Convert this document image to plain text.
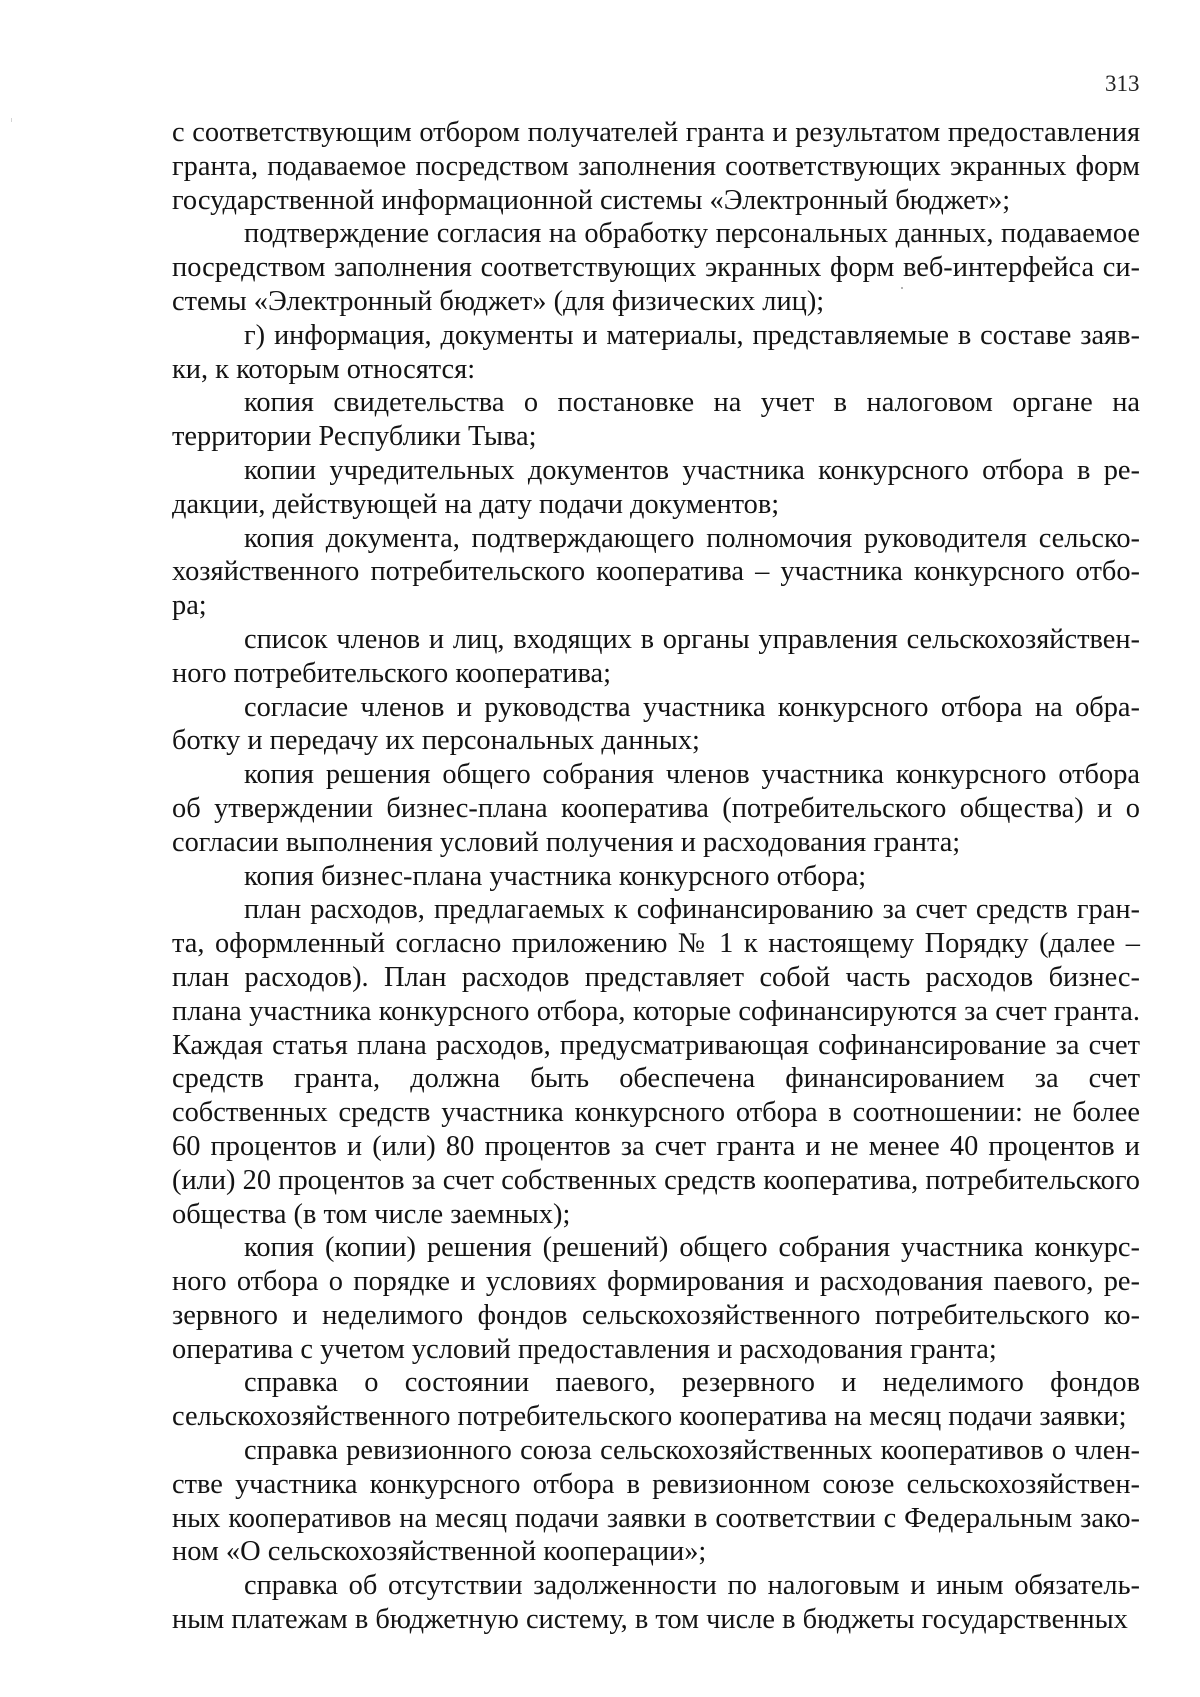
313

с соответствующим отбором получателей гранта и результатом предоставления гранта, подаваемое посредством заполнения соответствующих экранных форм государственной информационной системы «Электронный бюджет»;

подтверждение согласия на обработку персональных данных, подаваемое посредством заполнения соответствующих экранных форм веб-интерфейса системы «Электронный бюджет» (для физических лиц);

г) информация, документы и материалы, представляемые в составе заявки, к которым относятся:

копия свидетельства о постановке на учет в налоговом органе на территории Республики Тыва;

копии учредительных документов участника конкурсного отбора в редакции, действующей на дату подачи документов;

копия документа, подтверждающего полномочия руководителя сельскохозяйственного потребительского кооператива – участника конкурсного отбора;

список членов и лиц, входящих в органы управления сельскохозяйственного потребительского кооператива;

согласие членов и руководства участника конкурсного отбора на обработку и передачу их персональных данных;

копия решения общего собрания членов участника конкурсного отбора об утверждении бизнес-плана кооператива (потребительского общества) и о согласии выполнения условий получения и расходования гранта;

копия бизнес-плана участника конкурсного отбора;

план расходов, предлагаемых к софинансированию за счет средств гранта, оформленный согласно приложению № 1 к настоящему Порядку (далее – план расходов). План расходов представляет собой часть расходов бизнес-плана участника конкурсного отбора, которые софинансируются за счет гранта. Каждая статья плана расходов, предусматривающая софинансирование за счет средств гранта, должна быть обеспечена финансированием за счет собственных средств участника конкурсного отбора в соотношении: не более 60 процентов и (или) 80 процентов за счет гранта и не менее 40 процентов и (или) 20 процентов за счет собственных средств кооператива, потребительского общества (в том числе заемных);

копия (копии) решения (решений) общего собрания участника конкурсного отбора о порядке и условиях формирования и расходования паевого, резервного и неделимого фондов сельскохозяйственного потребительского кооператива с учетом условий предоставления и расходования гранта;

справка о состоянии паевого, резервного и неделимого фондов сельскохозяйственного потребительского кооператива на месяц подачи заявки;

справка ревизионного союза сельскохозяйственных кооперативов о членстве участника конкурсного отбора в ревизионном союзе сельскохозяйственных кооперативов на месяц подачи заявки в соответствии с Федеральным законом «О сельскохозяйственной кооперации»;

справка об отсутствии задолженности по налоговым и иным обязательным платежам в бюджетную систему, в том числе в бюджеты государственных
